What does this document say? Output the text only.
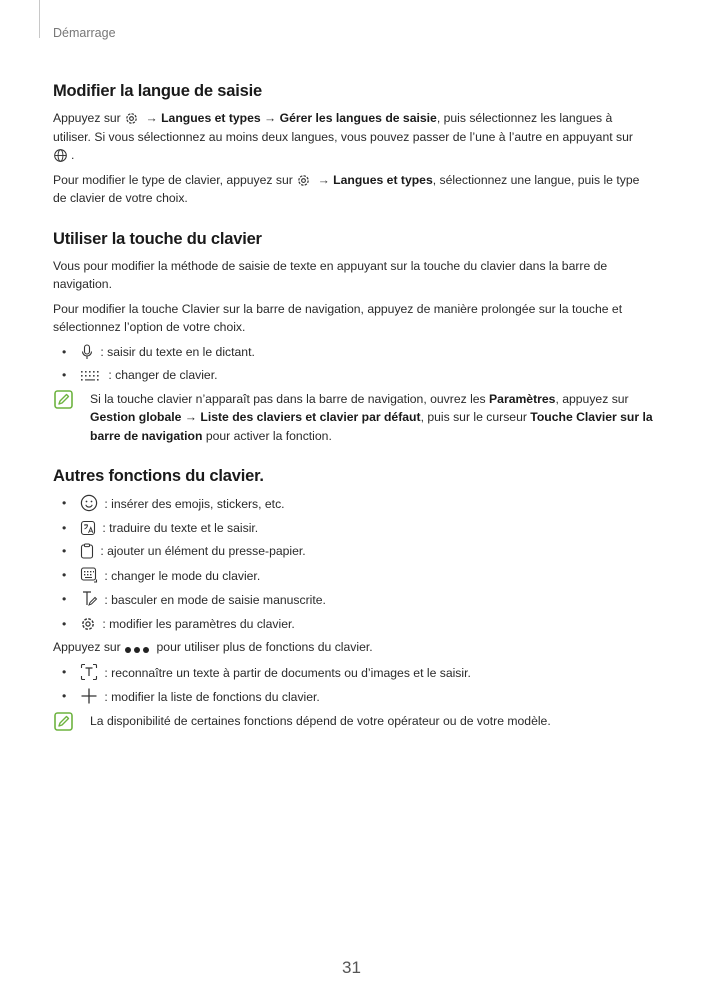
Démarrage
Modifier la langue de saisie

Appuyez sur
→ Langues et types → Gérer les langues de saisie, puis sélectionnez les langues à utiliser. Si vous sélectionnez au moins deux langues, vous pouvez passer de l’une à l’autre en appuyant sur
.

Pour modifier le type de clavier, appuyez sur
→ Langues et types, sélectionnez une langue, puis le type de clavier de votre choix.

Utiliser la touche du clavier

Vous pour modifier la méthode de saisie de texte en appuyant sur la touche du clavier dans la barre de navigation.

Pour modifier la touche Clavier sur la barre de navigation, appuyez de manière prolongée sur la touche et sélectionnez l’option de votre choix.

• : saisir du texte en le dictant.
• : changer de clavier.

Si la touche clavier n’apparaît pas dans la barre de navigation, ouvrez les Paramètres, appuyez sur Gestion globale → Liste des claviers et clavier par défaut, puis sur le curseur Touche Clavier sur la barre de navigation pour activer la fonction.

Autres fonctions du clavier.
• : insérer des emojis, stickers, etc.
• : traduire du texte et le saisir.
• : ajouter un élément du presse-papier.
• : changer le mode du clavier.
• : basculer en mode de saisie manuscrite.
• : modifier les paramètres du clavier.

Appuyez sur
pour utiliser plus de fonctions du clavier.

• : reconnaître un texte à partir de documents ou d’images et le saisir.
• : modifier la liste de fonctions du clavier.

La disponibilité de certaines fonctions dépend de votre opérateur ou de votre modèle.

31
